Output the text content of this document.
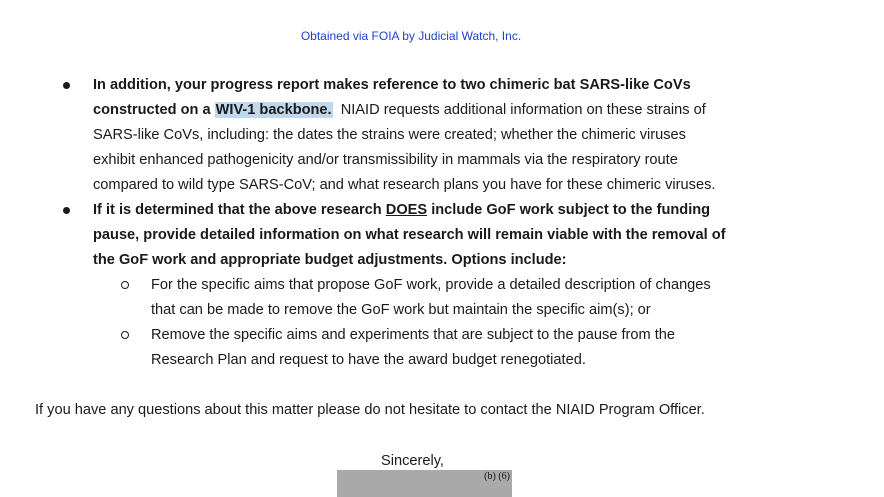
Obtained via FOIA by Judicial Watch, Inc.
In addition, your progress report makes reference to two chimeric bat SARS-like CoVs
constructed on a WIV-1 backbone.  NIAID requests additional information on these strains of
SARS-like CoVs, including: the dates the strains were created; whether the chimeric viruses
exhibit enhanced pathogenicity and/or transmissibility in mammals via the respiratory route
compared to wild type SARS-CoV; and what research plans you have for these chimeric viruses.
If it is determined that the above research DOES include GoF work subject to the funding
pause, provide detailed information on what research will remain viable with the removal of
the GoF work and appropriate budget adjustments. Options include:
For the specific aims that propose GoF work, provide a detailed description of changes
that can be made to remove the GoF work but maintain the specific aim(s); or
Remove the specific aims and experiments that are subject to the pause from the
Research Plan and request to have the award budget renegotiated.
If you have any questions about this matter please do not hesitate to contact the NIAID Program Officer.
Sincerely,
(b) (6)
